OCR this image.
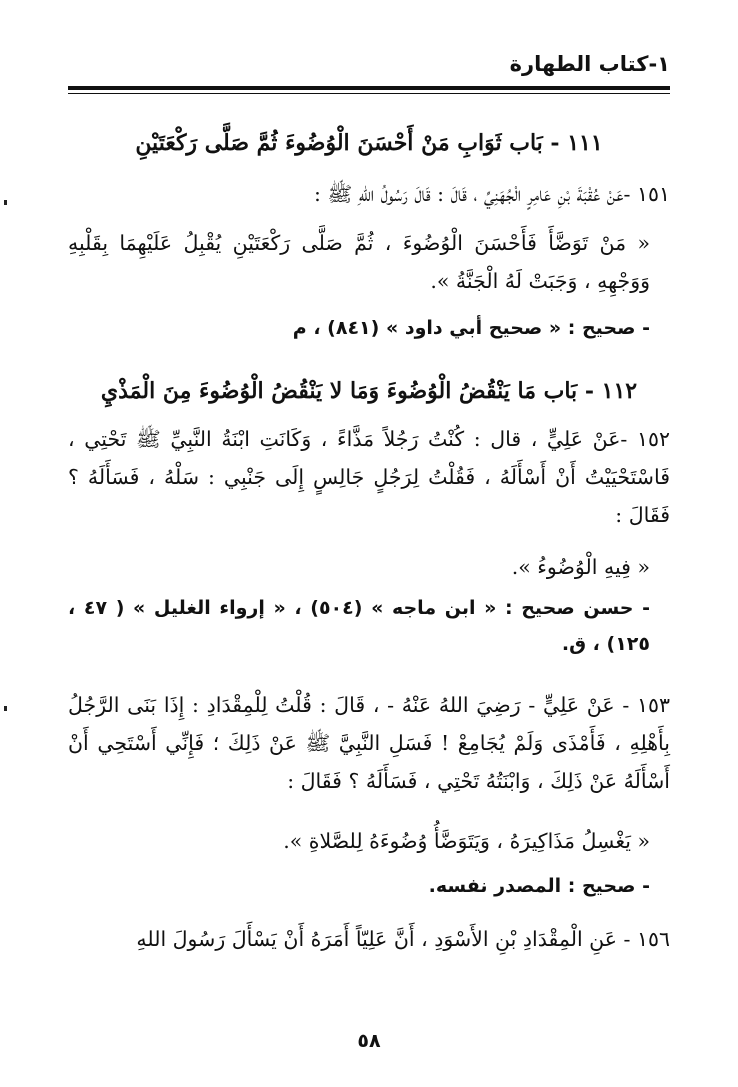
١-كتاب الطهارة
١١١ - بَاب ثَوَابِ مَنْ أَحْسَنَ الْوُضُوءَ ثُمَّ صَلَّى رَكْعَتَيْنِ
١٥١ -عَنْ عُقْبَةَ بْنِ عَامِرٍ الْجُهَنِيِّ ، قَالَ : قَالَ رَسُولُ اللهِ ﷺ :
« مَنْ تَوَضَّأَ فَأَحْسَنَ الْوُضُوءَ ، ثُمَّ صَلَّى رَكْعَتَيْنِ يُقْبِلُ عَلَيْهِمَا بِقَلْبِهِ وَوَجْهِهِ ، وَجَبَتْ لَهُ الْجَنَّةُ ».
- صحيح : « صحيح أبي داود » (٨٤١) ، م
١١٢ - بَاب مَا يَنْقُضُ الْوُضُوءَ وَمَا لا يَنْقُضُ الْوُضُوءَ مِنَ الْمَذْيِ
١٥٢ -عَنْ عَلِيٍّ ، قال : كُنْتُ رَجُلاً مَذَّاءً ، وَكَانَتِ ابْنَةُ النَّبِيِّ ﷺ تَحْتِي ، فَاسْتَحْيَيْتُ أَنْ أَسْأَلَهُ ، فَقُلْتُ لِرَجُلٍ جَالِسٍ إِلَى جَنْبِي : سَلْهُ ، فَسَأَلَهُ ؟ فَقَالَ :
« فِيهِ الْوُضُوءُ ».
- حسن صحيح : « ابن ماجه » (٥٠٤) ، « إرواء الغليل » ( ٤٧ ، ١٢٥) ، ق.
١٥٣ - عَنْ عَلِيٍّ - رَضِيَ اللهُ عَنْهُ - ، قَالَ : قُلْتُ لِلْمِقْدَادِ : إِذَا بَنَى الرَّجُلُ بِأَهْلِهِ ، فَأَمْذَى وَلَمْ يُجَامِعْ ! فَسَلِ النَّبِيَّ ﷺ عَنْ ذَلِكَ ؛ فَإِنِّي أَسْتَحِي أَنْ أَسْأَلَهُ عَنْ ذَلِكَ ، وَابْنَتُهُ تَحْتِي ، فَسَأَلَهُ ؟ فَقَالَ :
« يَغْسِلُ مَذَاكِيرَهُ ، وَيَتَوَضَّأُ وُضُوءَهُ لِلصَّلاةِ ».
- صحيح : المصدر نفسه.
١٥٦ - عَنِ الْمِقْدَادِ بْنِ الأَسْوَدِ ، أَنَّ عَلِيّاً أَمَرَهُ أَنْ يَسْأَلَ رَسُولَ اللهِ
٥٨
